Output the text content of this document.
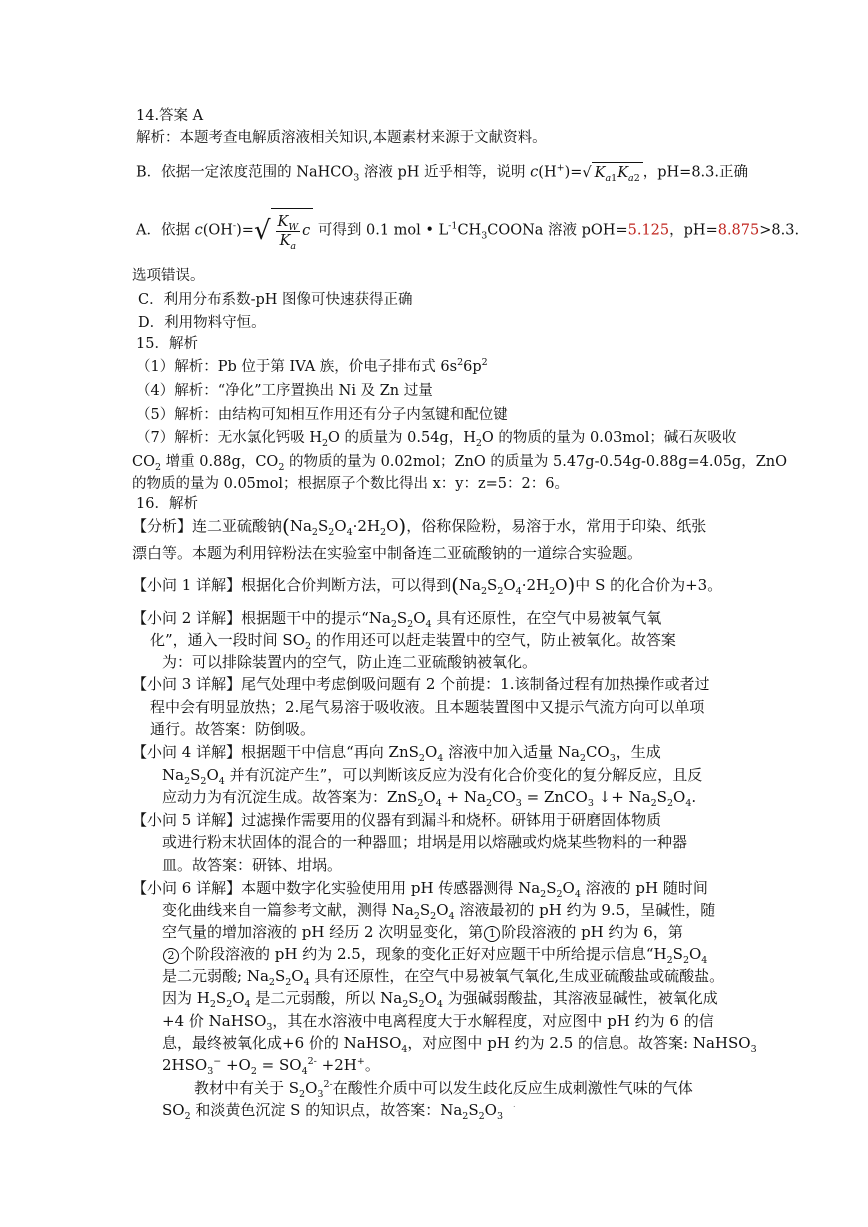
14.答案 A
解析：本题考查电解质溶液相关知识,本题素材来源于文献资料。
B．依据一定浓度范围的 NaHCO$_3$ 溶液 pH 近乎相等，说明 c(H+)=√ $K_{a1}K_{a2}$ ，pH=8.3.正确
A．依据 $c(OH^-)=√ \frac{K_W}{K_a}$ c 可得到 0.1 mol • $L^{-1}CH_3COONa$ 溶液 pOH=5.125，pH=8.875>8.3.
选项错误。
C．利用分布系数-pH 图像可快速获得正确
D．利用物料守恒。
15．解析
（1）解析：Pb 位于第 IVA 族，价电子排布式 $6s^26p^2$
（4）解析：“净化”工序置换出 Ni 及 Zn 过量
（5）解析：由结构可知相互作用还有分子内氢键和配位键
（7）解析：无水氯化钙吸 $H_2O$ 的质量为 0.54g，$H_2O$ 的物质的量为 0.03mol；碱石灰吸收
$CO_2$ 增重 0.88g，$CO_2$ 的物质的量为 0.02mol；ZnO 的质量为 5.47g-0.54g-0.88g=4.05g，ZnO
的物质的量为 0.05mol；根据原子个数比得出 x：y：z=5：2：6。
16．解析
【分析】连二亚硫酸钠$(Na_2S_2O_4\cdot 2H_2O)$，俗称保险粉，易溶于水，常用于印染、纸张
漂白等。本题为利用锌粉法在实验室中制备连二亚硫酸钠的一道综合实验题。
【小问 1 详解】根据化合价判断方法，可以得到$(Na_2S_2O_4\cdot 2H_2O)$中 S 的化合价为+3。
【小问 2 详解】根据题干中的提示“$Na_2S_2O_4$ 具有还原性，在空气中易被氧气氧
化”，通入一段时间 $SO_2$ 的作用还可以赶走装置中的空气，防止被氧化。故答案
为：可以排除装置内的空气，防止连二亚硫酸钠被氧化。
【小问 3 详解】尾气处理中考虑倒吸问题有 2 个前提：1.该制备过程有加热操作或者过
程中会有明显放热；2.尾气易溶于吸收液。且本题装置图中又提示气流方向可以单项
通行。故答案：防倒吸。
【小问 4 详解】根据题干中信息“再向 $ZnS_2O_4$ 溶液中加入适量 $Na_2CO_3$，生成
$Na_2S_2O_4$ 并有沉淀产生”，可以判断该反应为没有化合价变化的复分解反应，且反
应动力为有沉淀生成。故答案为：$ZnS_2O_4 + Na_2CO_3$ = ZnCO$_3$ ↓+ $Na_2S_2O_4$.
【小问 5 详解】过滤操作需要用的仪器有到漏斗和烧杯。研钵用于研磨固体物质
或进行粉末状固体的混合的一种器皿；坩埚是用以熔融或灼烧某些物料的一种器
皿。故答案：研钵、坩埚。
【小问 6 详解】本题中数字化实验使用用 pH 传感器测得 $Na_2S_2O_4$ 溶液的 pH 随时间
变化曲线来自一篇参考文献，测得 $Na_2S_2O_4$ 溶液最初的 pH 约为 9.5，呈碱性，随
空气量的增加溶液的 pH 经历 2 次明显变化，第 1 阶段溶液的 pH 约为 6，第
2 个阶段溶液的 pH 约为 2.5，现象的变化正好对应题干中所给提示信息“$H_2S_2O_4$
是二元弱酸; $Na_2S_2O_4$ 具有还原性，在空气中易被氧气氧化,生成亚硫酸盐或硫酸盐。
因为 $H_2S_2O_4$ 是二元弱酸，所以 $Na_2S_2O_4$ 为强碱弱酸盐，其溶液显碱性，被氧化成
+4 价 NaHSO$_3$，其在水溶液中电离程度大于水解程度，对应图中 pH 约为 6 的信
息，最终被氧化成+6 价的 NaHSO$_4$，对应图中 pH 约为 2.5 的信息。故答案: NaHSO$_3$
$2HSO_3^- +O_2 = SO_4^{2-} +2H^+$。
教材中有关于 $S_2O_3^{2-}$在酸性介质中可以发生歧化反应生成刺激性气味的气体
$SO_2$ 和淡黄色沉淀 S 的知识点，故答案：$Na_2S_2O_3$
.
